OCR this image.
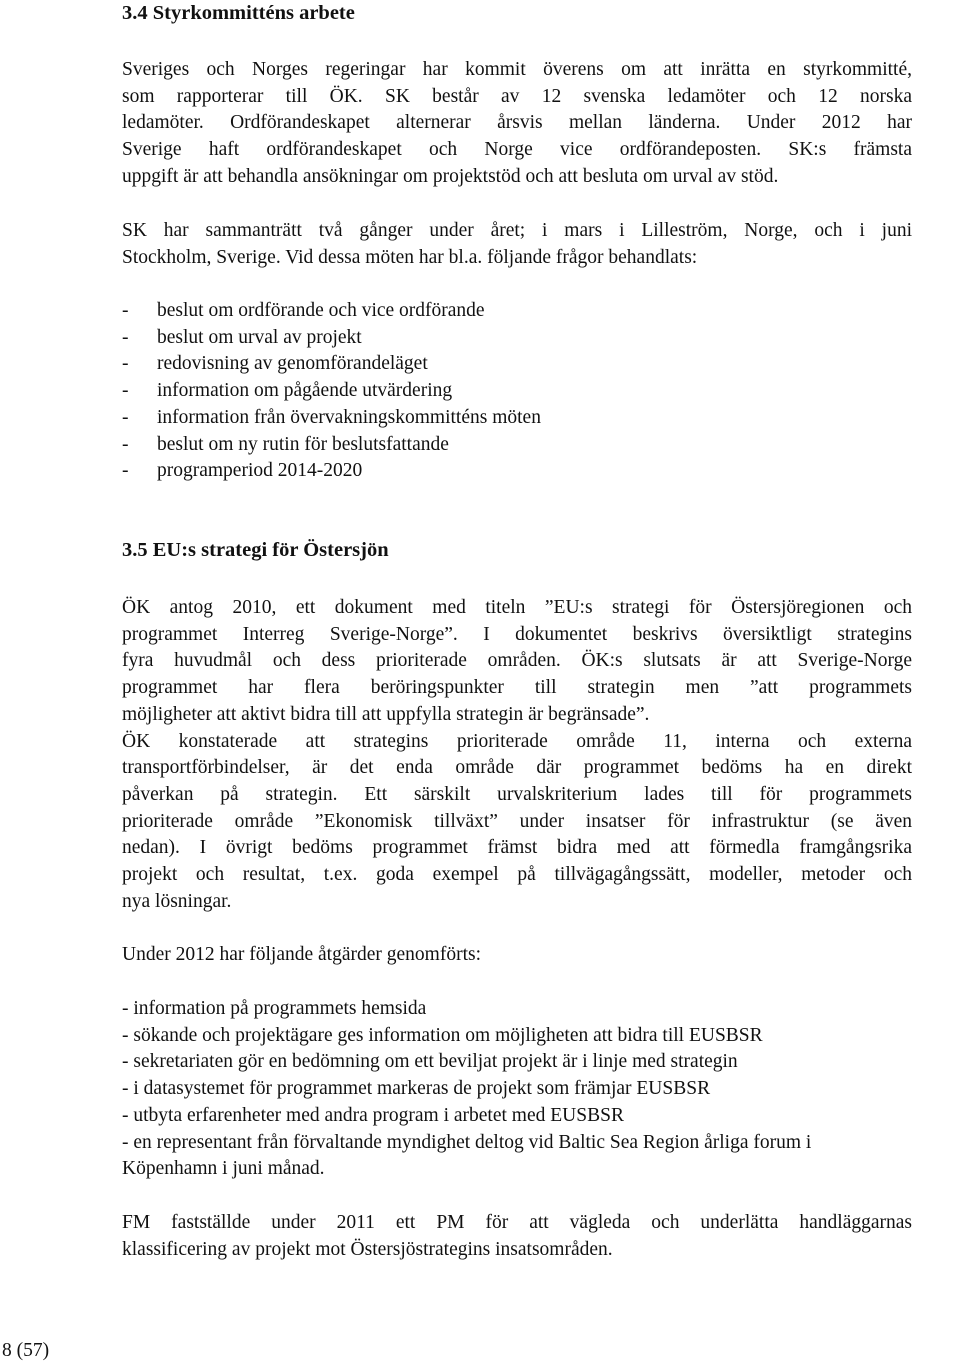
3.4 Styrkommitténs arbete

Sveriges och Norges regeringar har kommit överens om att inrätta en styrkommitté,
som rapporterar till ÖK. SK består av 12 svenska ledamöter och 12 norska
ledamöter. Ordförandeskapet alternerar årsvis mellan länderna. Under 2012 har
Sverige haft ordförandeskapet och Norge vice ordförandeposten. SK:s främsta
uppgift är att behandla ansökningar om projektstöd och att besluta om urval av stöd.

SK har sammanträtt två gånger under året; i mars i Lilleström, Norge, och i juni
Stockholm, Sverige. Vid dessa möten har bl.a. följande frågor behandlats:

- beslut om ordförande och vice ordförande
- beslut om urval av projekt
- redovisning av genomförandeläget
- information om pågående utvärdering
- information från övervakningskommitténs möten
- beslut om ny rutin för beslutsfattande
- programperiod 2014-2020
3.5 EU:s strategi för Östersjön

ÖK antog 2010, ett dokument med titeln ”EU:s strategi för Östersjöregionen och
programmet Interreg Sverige-Norge”. I dokumentet beskrivs översiktligt strategins
fyra huvudmål och dess prioriterade områden. ÖK:s slutsats är att Sverige-Norge
programmet har flera beröringspunkter till strategin men ”att programmets
möjligheter att aktivt bidra till att uppfylla strategin är begränsade”.
ÖK konstaterade att strategins prioriterade område 11, interna och externa
transportförbindelser, är det enda område där programmet bedöms ha en direkt
påverkan på strategin. Ett särskilt urvalskriterium lades till för programmets
prioriterade område ”Ekonomisk tillväxt” under insatser för infrastruktur (se även
nedan). I övrigt bedöms programmet främst bidra med att förmedla framgångsrika
projekt och resultat, t.ex. goda exempel på tillvägagångssätt, modeller, metoder och
nya lösningar.

Under 2012 har följande åtgärder genomförts:

- information på programmets hemsida
- sökande och projektägare ges information om möjligheten att bidra till EUSBSR
- sekretariaten gör en bedömning om ett beviljat projekt är i linje med strategin
- i datasystemet för programmet markeras de projekt som främjar EUSBSR
- utbyta erfarenheter med andra program i arbetet med EUSBSR
- en representant från förvaltande myndighet deltog vid Baltic Sea Region årliga forum i
Köpenhamn i juni månad.

FM fastställde under 2011 ett PM för att vägleda och underlätta handläggarnas
klassificering av projekt mot Östersjöstrategins insatsområden.

8 (57)
